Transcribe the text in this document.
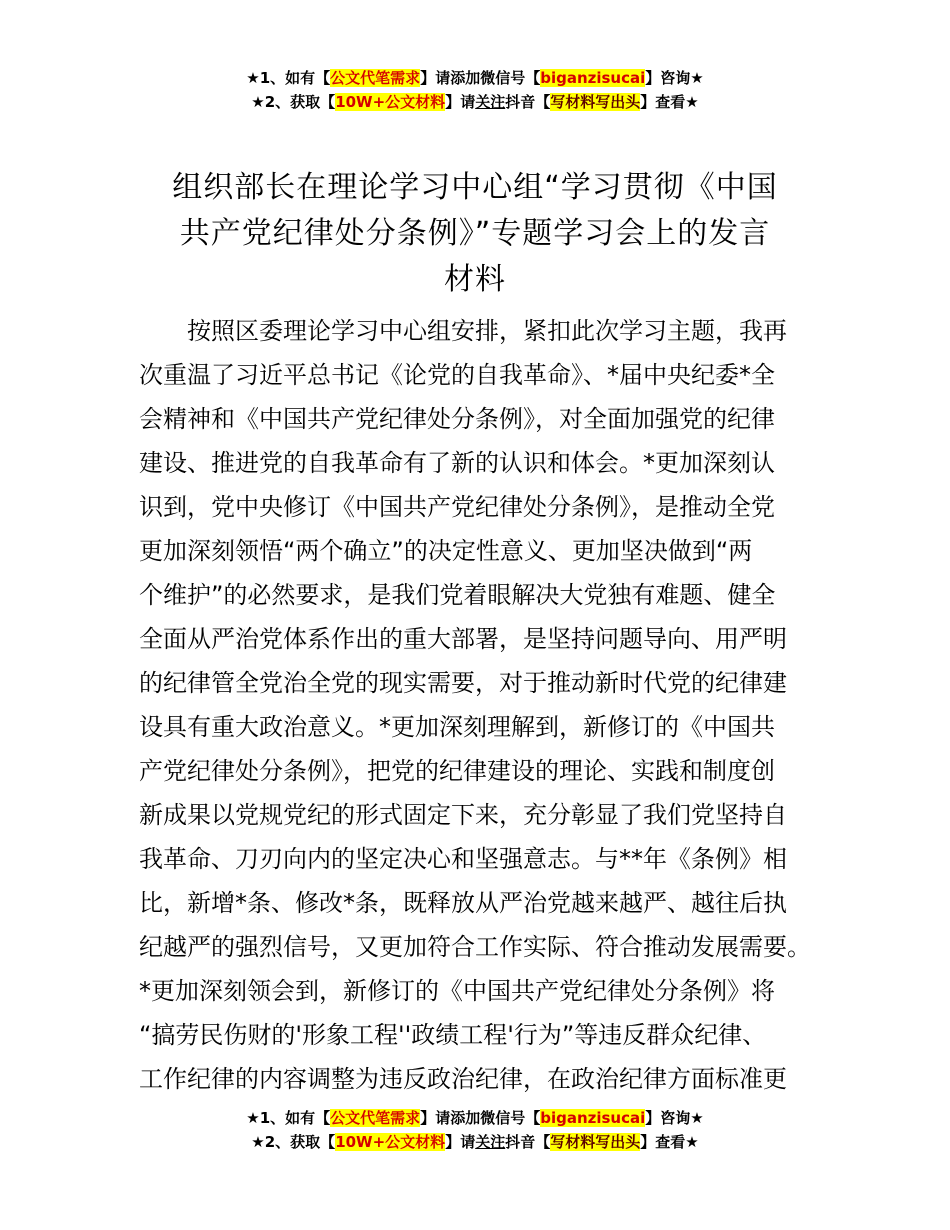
★1、如有【公文代笔需求】请添加微信号【biganzisucai】咨询★
★2、获取【10W+公文材料】请关注抖音【写材料写出头】查看★
组织部长在理论学习中心组“学习贯彻《中国
共产党纪律处分条例》”专题学习会上的发言
材料
　　按照区委理论学习中心组安排，紧扣此次学习主题，我再
次重温了习近平总书记《论党的自我革命》、*届中央纪委*全
会精神和《中国共产党纪律处分条例》，对全面加强党的纪律
建设、推进党的自我革命有了新的认识和体会。*更加深刻认
识到，党中央修订《中国共产党纪律处分条例》，是推动全党
更加深刻领悟“两个确立”的决定性意义、更加坚决做到“两
个维护”的必然要求，是我们党着眼解决大党独有难题、健全
全面从严治党体系作出的重大部署，是坚持问题导向、用严明
的纪律管全党治全党的现实需要，对于推动新时代党的纪律建
设具有重大政治意义。*更加深刻理解到，新修订的《中国共
产党纪律处分条例》，把党的纪律建设的理论、实践和制度创
新成果以党规党纪的形式固定下来，充分彰显了我们党坚持自
我革命、刀刃向内的坚定决心和坚强意志。与**年《条例》相
比，新增*条、修改*条，既释放从严治党越来越严、越往后执
纪越严的强烈信号，又更加符合工作实际、符合推动发展需要。
*更加深刻领会到，新修订的《中国共产党纪律处分条例》将
“搞劳民伤财的'形象工程''政绩工程'行为”等违反群众纪律、
工作纪律的内容调整为违反政治纪律，在政治纪律方面标准更
★1、如有【公文代笔需求】请添加微信号【biganzisucai】咨询★
★2、获取【10W+公文材料】请关注抖音【写材料写出头】查看★
